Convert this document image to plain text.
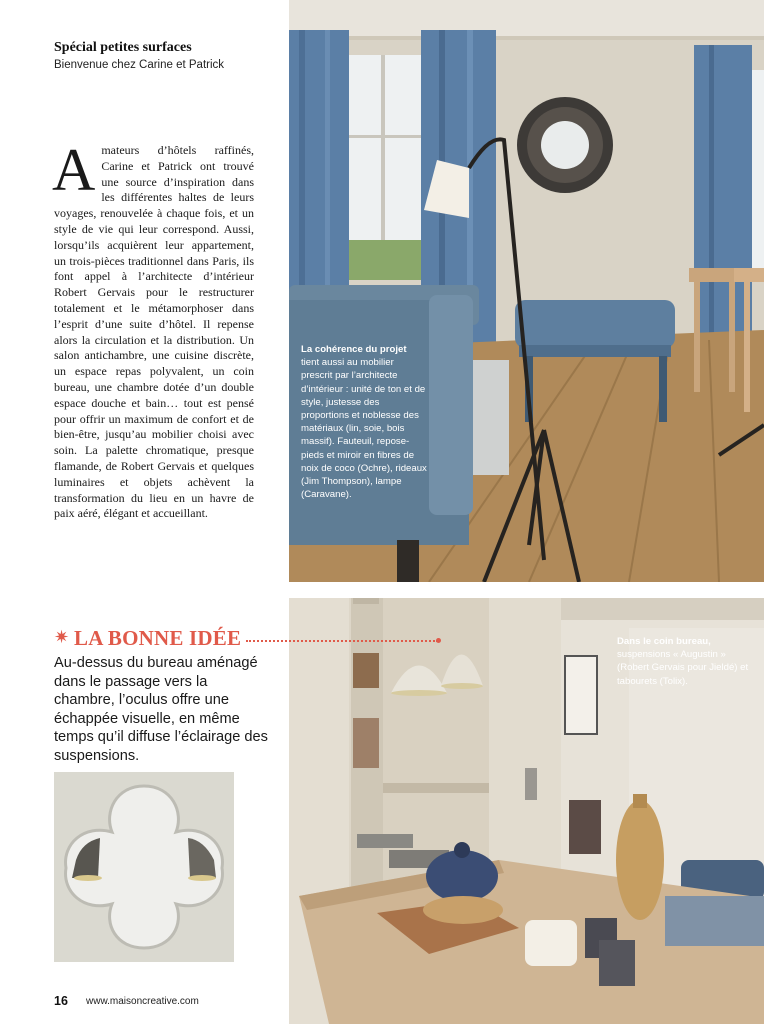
Spécial petites surfaces
Bienvenue chez Carine et Patrick
Amateurs d’hôtels raffinés, Carine et Patrick ont trouvé une source d’inspiration dans les différentes haltes de leurs voyages, renouvelée à chaque fois, et un style de vie qui leur correspond. Aussi, lorsqu’ils acquièrent leur appartement, un trois-pièces traditionnel dans Paris, ils font appel à l’architecte d’intérieur Robert Gervais pour le restructurer totalement et le métamorphoser dans l’esprit d’une suite d’hôtel. Il repense alors la circulation et la distribution. Un salon antichambre, une cuisine discrète, un espace repas polyvalent, un coin bureau, une chambre dotée d’un double espace douche et bain… tout est pensé pour offrir un maximum de confort et de bien-être, jusqu’au mobilier choisi avec soin. La palette chromatique, presque flamande, de Robert Gervais et quelques luminaires et objets achèvent la transformation du lieu en un havre de paix aéré, élégant et accueillant.
La cohérence du projet tient aussi au mobilier prescrit par l’architecte d’intérieur : unité de ton et de style, justesse des proportions et noblesse des matériaux (lin, soie, bois massif). Fauteuil, repose-pieds et miroir en fibres de noix de coco (Ochre), rideaux (Jim Thompson), lampe (Caravane).
Dans le coin bureau, suspensions « Augustin » (Robert Gervais pour Jieldé) et tabourets (Tolix).
✷ LA BONNE IDÉE
Au-dessus du bureau aménagé dans le passage vers la chambre, l’oculus offre une échappée visuelle, en même temps qu’il diffuse l’éclairage des suspensions.
16 www.maisoncreative.com
